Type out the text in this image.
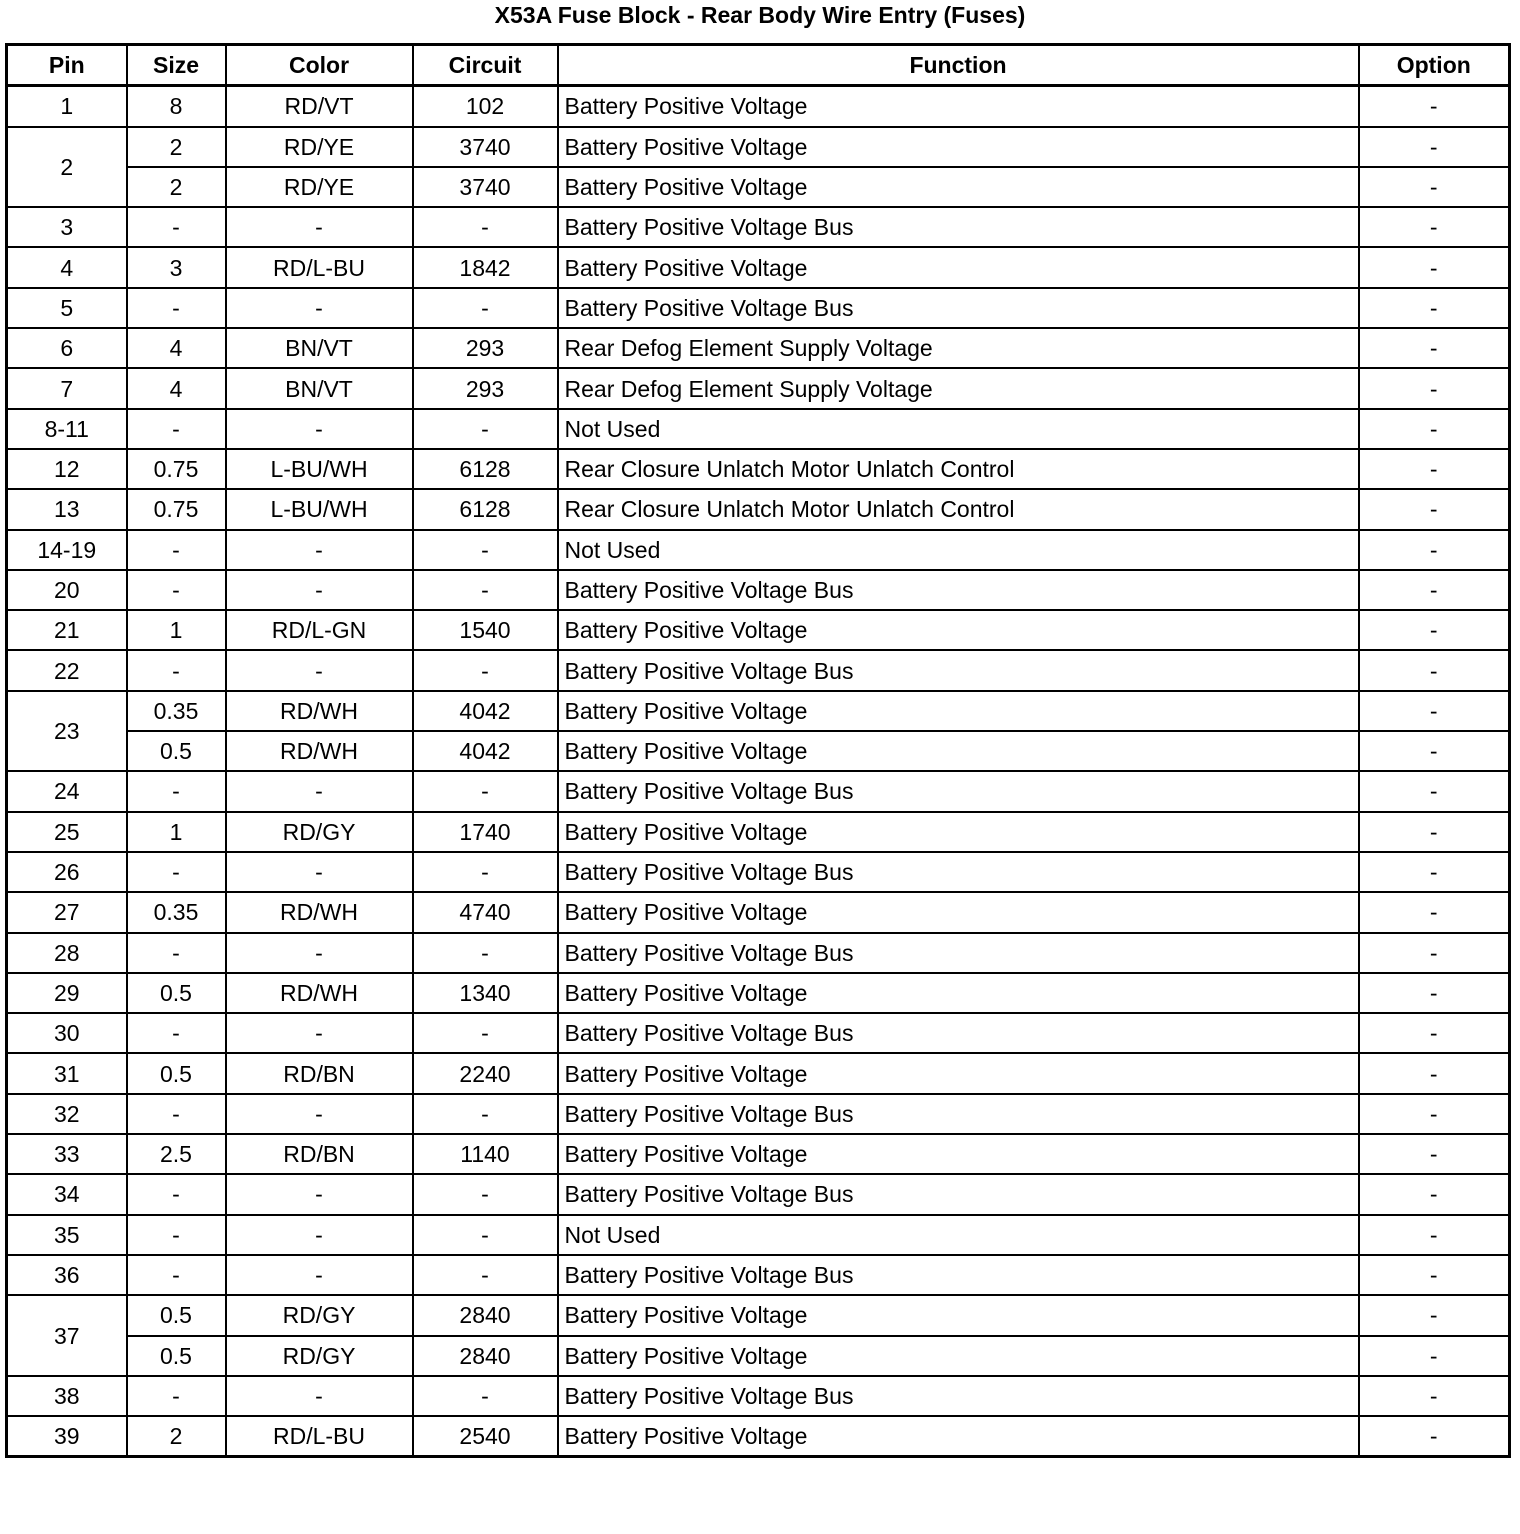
X53A Fuse Block - Rear Body Wire Entry (Fuses)
Pin	Size	Color	Circuit	Function	Option
1	8	RD/VT	102	Battery Positive Voltage	-
2	2	RD/YE	3740	Battery Positive Voltage	-
	2	RD/YE	3740	Battery Positive Voltage	-
3	-	-	-	Battery Positive Voltage Bus	-
4	3	RD/L-BU	1842	Battery Positive Voltage	-
5	-	-	-	Battery Positive Voltage Bus	-
6	4	BN/VT	293	Rear Defog Element Supply Voltage	-
7	4	BN/VT	293	Rear Defog Element Supply Voltage	-
8-11	-	-	-	Not Used	-
12	0.75	L-BU/WH	6128	Rear Closure Unlatch Motor Unlatch Control	-
13	0.75	L-BU/WH	6128	Rear Closure Unlatch Motor Unlatch Control	-
14-19	-	-	-	Not Used	-
20	-	-	-	Battery Positive Voltage Bus	-
21	1	RD/L-GN	1540	Battery Positive Voltage	-
22	-	-	-	Battery Positive Voltage Bus	-
23	0.35	RD/WH	4042	Battery Positive Voltage	-
	0.5	RD/WH	4042	Battery Positive Voltage	-
24	-	-	-	Battery Positive Voltage Bus	-
25	1	RD/GY	1740	Battery Positive Voltage	-
26	-	-	-	Battery Positive Voltage Bus	-
27	0.35	RD/WH	4740	Battery Positive Voltage	-
28	-	-	-	Battery Positive Voltage Bus	-
29	0.5	RD/WH	1340	Battery Positive Voltage	-
30	-	-	-	Battery Positive Voltage Bus	-
31	0.5	RD/BN	2240	Battery Positive Voltage	-
32	-	-	-	Battery Positive Voltage Bus	-
33	2.5	RD/BN	1140	Battery Positive Voltage	-
34	-	-	-	Battery Positive Voltage Bus	-
35	-	-	-	Not Used	-
36	-	-	-	Battery Positive Voltage Bus	-
37	0.5	RD/GY	2840	Battery Positive Voltage	-
	0.5	RD/GY	2840	Battery Positive Voltage	-
38	-	-	-	Battery Positive Voltage Bus	-
39	2	RD/L-BU	2540	Battery Positive Voltage	-
